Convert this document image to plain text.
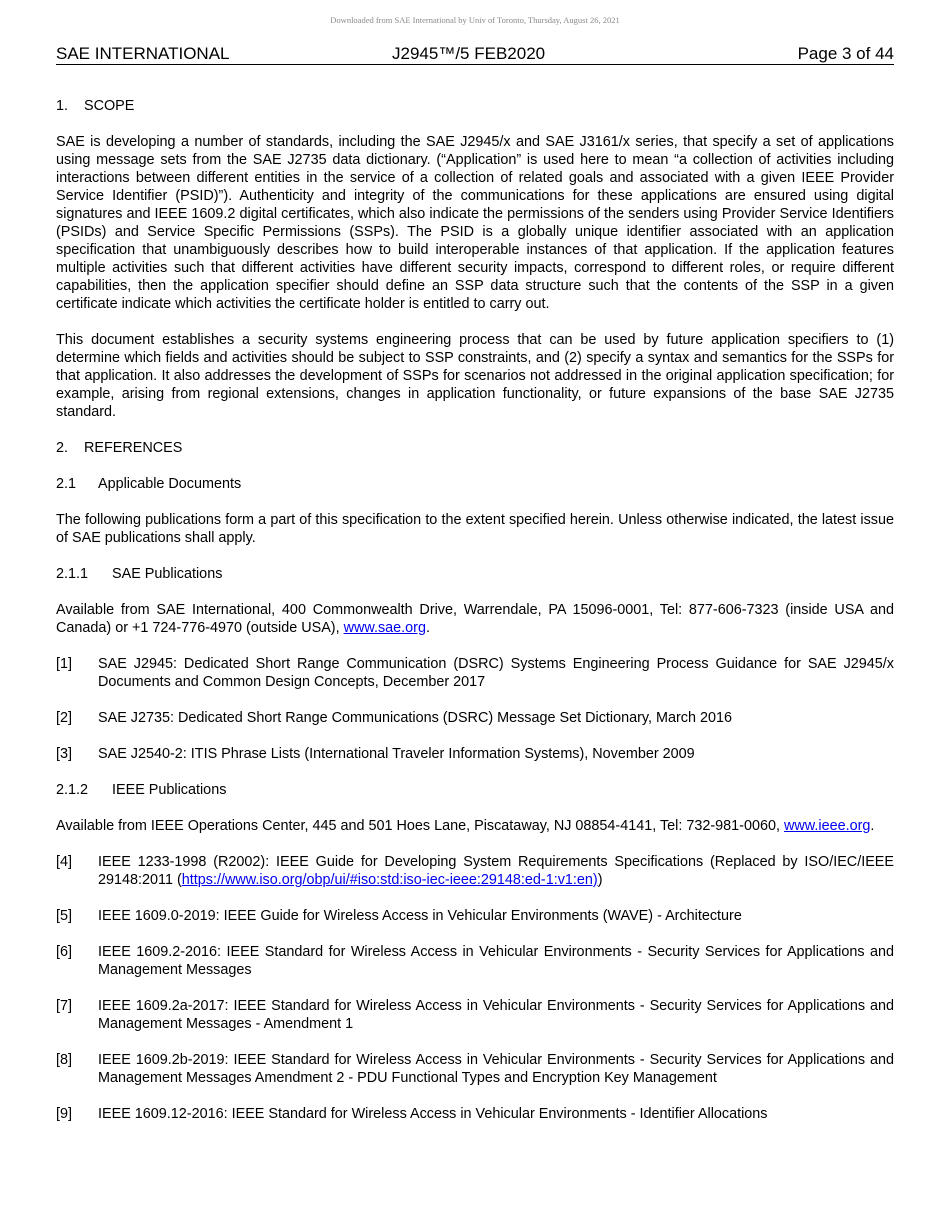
Downloaded from SAE International by Univ of Toronto, Thursday, August 26, 2021
SAE INTERNATIONAL	J2945™/5 FEB2020	Page 3 of 44
1. SCOPE

SAE is developing a number of standards, including the SAE J2945/x and SAE J3161/x series, that specify a set of applications using message sets from the SAE J2735 data dictionary. (“Application” is used here to mean “a collection of activities including interactions between different entities in the service of a collection of related goals and associated with a given IEEE Provider Service Identifier (PSID)”). Authenticity and integrity of the communications for these applications are ensured using digital signatures and IEEE 1609.2 digital certificates, which also indicate the permissions of the senders using Provider Service Identifiers (PSIDs) and Service Specific Permissions (SSPs). The PSID is a globally unique identifier associated with an application specification that unambiguously describes how to build interoperable instances of that application. If the application features multiple activities such that different activities have different security impacts, correspond to different roles, or require different capabilities, then the application specifier should define an SSP data structure such that the contents of the SSP in a given certificate indicate which activities the certificate holder is entitled to carry out.

This document establishes a security systems engineering process that can be used by future application specifiers to (1) determine which fields and activities should be subject to SSP constraints, and (2) specify a syntax and semantics for the SSPs for that application. It also addresses the development of SSPs for scenarios not addressed in the original application specification; for example, arising from regional extensions, changes in application functionality, or future expansions of the base SAE J2735 standard.

2. REFERENCES
2.1 Applicable Documents

The following publications form a part of this specification to the extent specified herein. Unless otherwise indicated, the latest issue of SAE publications shall apply.

2.1.1 SAE Publications

Available from SAE International, 400 Commonwealth Drive, Warrendale, PA 15096-0001, Tel: 877-606-7323 (inside USA and Canada) or +1 724-776-4970 (outside USA), www.sae.org.

[1]	SAE J2945: Dedicated Short Range Communication (DSRC) Systems Engineering Process Guidance for SAE J2945/x Documents and Common Design Concepts, December 2017
[2]	SAE J2735: Dedicated Short Range Communications (DSRC) Message Set Dictionary, March 2016
[3]	SAE J2540-2: ITIS Phrase Lists (International Traveler Information Systems), November 2009
2.1.2 IEEE Publications

Available from IEEE Operations Center, 445 and 501 Hoes Lane, Piscataway, NJ 08854-4141, Tel: 732-981-0060, www.ieee.org.

[4]	IEEE 1233-1998 (R2002): IEEE Guide for Developing System Requirements Specifications (Replaced by ISO/IEC/IEEE 29148:2011 (https://www.iso.org/obp/ui/#iso:std:iso-iec-ieee:29148:ed-1:v1:en))
[5]	IEEE 1609.0-2019: IEEE Guide for Wireless Access in Vehicular Environments (WAVE) - Architecture
[6]	IEEE 1609.2-2016: IEEE Standard for Wireless Access in Vehicular Environments - Security Services for Applications and Management Messages
[7]	IEEE 1609.2a-2017: IEEE Standard for Wireless Access in Vehicular Environments - Security Services for Applications and Management Messages - Amendment 1
[8]	IEEE 1609.2b-2019: IEEE Standard for Wireless Access in Vehicular Environments - Security Services for Applications and Management Messages Amendment 2 - PDU Functional Types and Encryption Key Management
[9]	IEEE 1609.12-2016: IEEE Standard for Wireless Access in Vehicular Environments - Identifier Allocations
